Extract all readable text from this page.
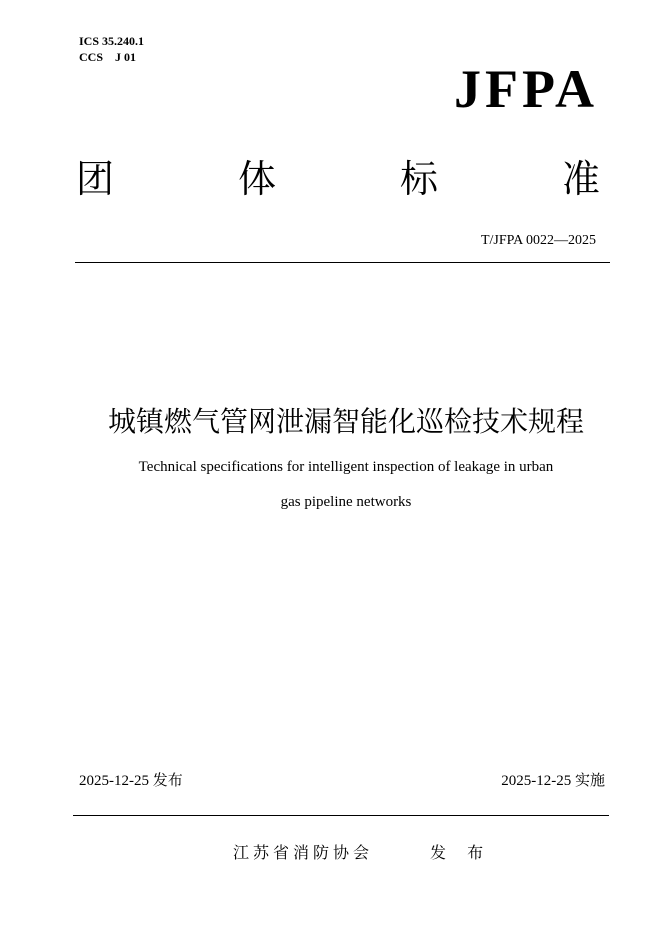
ICS 35.240.1
CCS    J 01
JFPA
团	体	标	准
T/JFPA 0022—2025
城镇燃气管网泄漏智能化巡检技术规程
Technical specifications for intelligent inspection of leakage in urban
gas pipeline networks
2025-12-25 发布	2025-12-25 实施
江苏省消防协会	发 布
